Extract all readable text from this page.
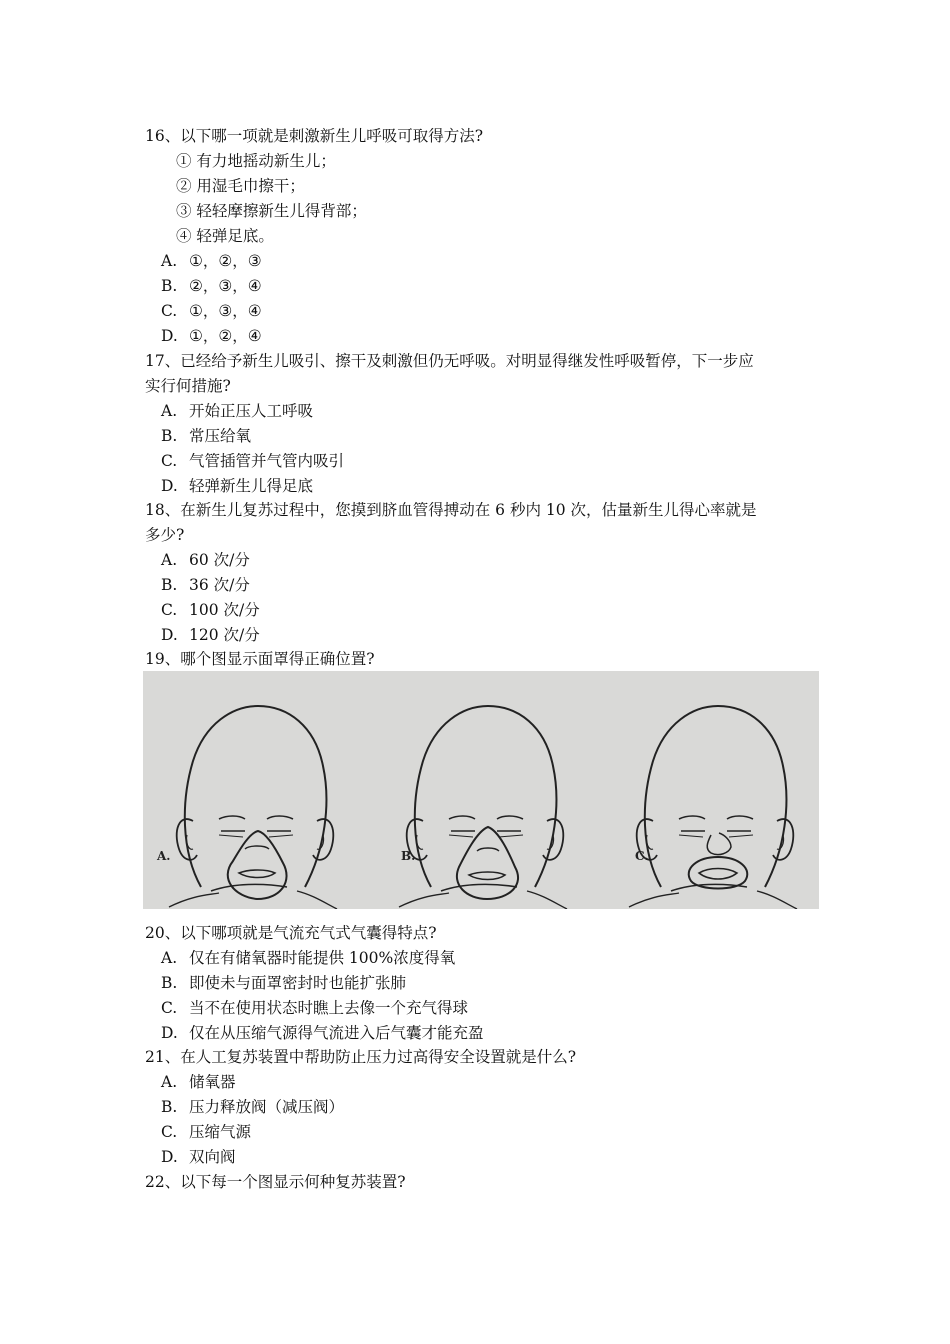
16、以下哪一项就是刺激新生儿呼吸可取得方法?
① 有力地摇动新生儿；
② 用湿毛巾擦干；
③ 轻轻摩擦新生儿得背部；
④ 轻弹足底。
A. ①，②，③
B. ②，③，④
C. ①，③，④
D. ①，②，④
17、已经给予新生儿吸引、擦干及刺激但仍无呼吸。对明显得继发性呼吸暂停，下一步应
实行何措施?
A. 开始正压人工呼吸
B. 常压给氧
C. 气管插管并气管内吸引
D. 轻弹新生儿得足底
18、在新生儿复苏过程中，您摸到脐血管得搏动在 6 秒内 10 次，估量新生儿得心率就是
多少?
A. 60 次/分
B. 36 次/分
C. 100 次/分
D. 120 次/分
19、哪个图显示面罩得正确位置?
A.	B.	C.
20、以下哪项就是气流充气式气囊得特点?
A. 仅在有储氧器时能提供 100%浓度得氧
B. 即使未与面罩密封时也能扩张肺
C. 当不在使用状态时瞧上去像一个充气得球
D. 仅在从压缩气源得气流进入后气囊才能充盈
21、在人工复苏装置中帮助防止压力过高得安全设置就是什么?
A. 储氧器
B. 压力释放阀（减压阀）
C. 压缩气源
D. 双向阀
22、以下每一个图显示何种复苏装置?
